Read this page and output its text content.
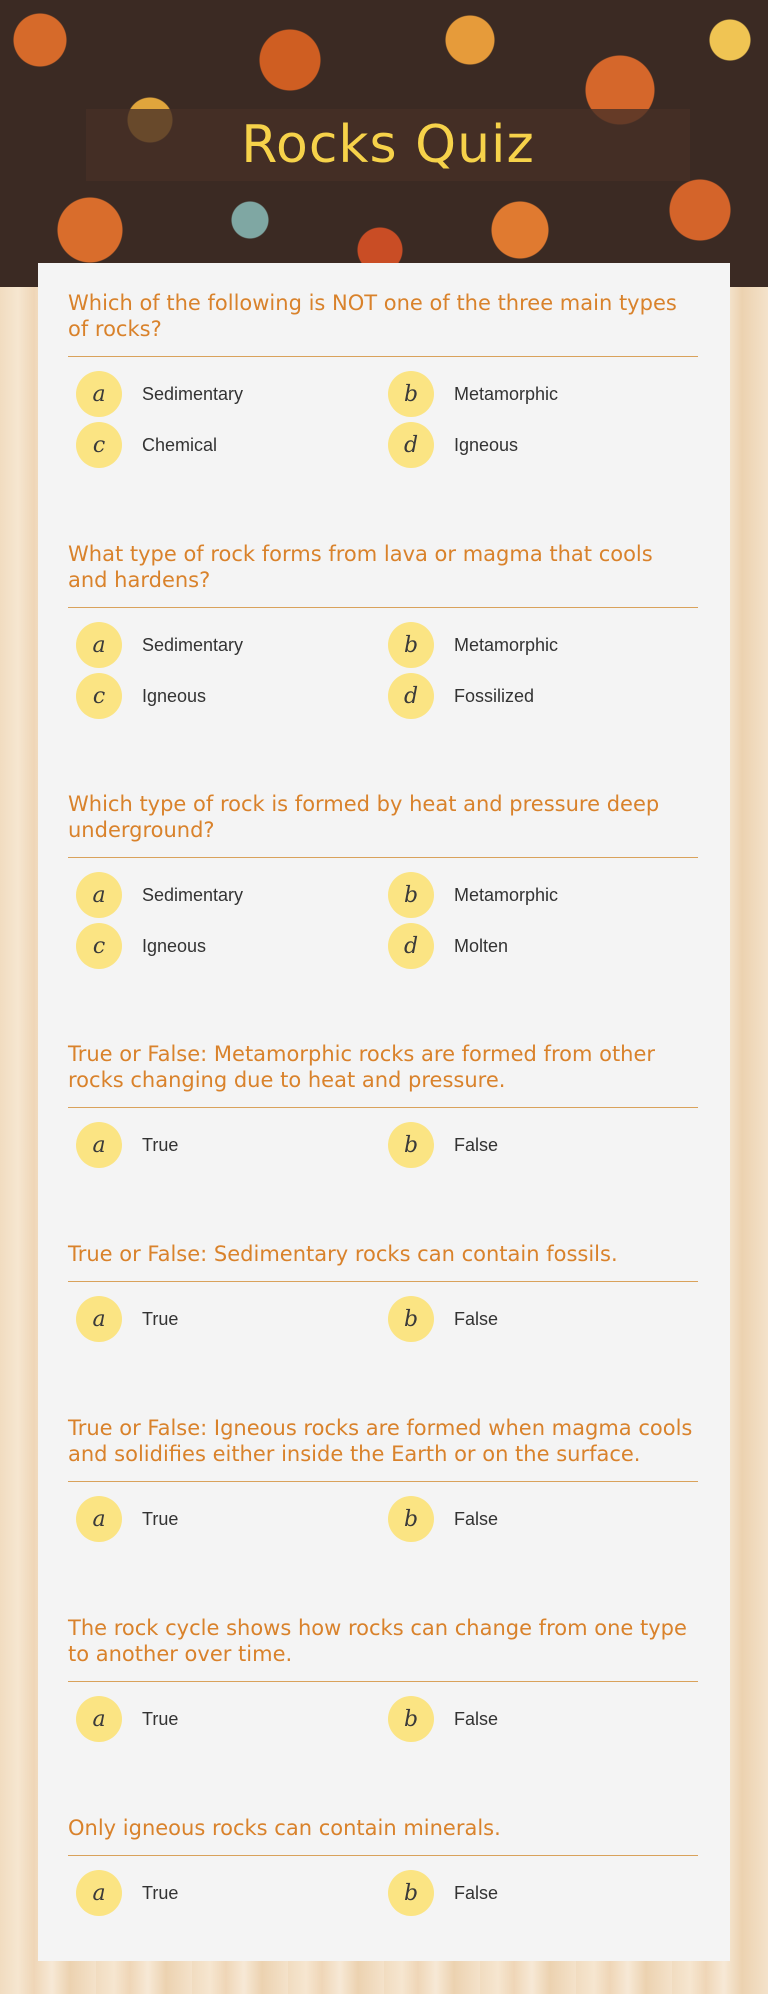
Rocks Quiz
Which of the following is NOT one of the three main types of rocks?
a	Sedimentary	b	Metamorphic
c	Chemical	d	Igneous
What type of rock forms from lava or magma that cools and hardens?
a	Sedimentary	b	Metamorphic
c	Igneous	d	Fossilized
Which type of rock is formed by heat and pressure deep underground?
a	Sedimentary	b	Metamorphic
c	Igneous	d	Molten
True or False: Metamorphic rocks are formed from other rocks changing due to heat and pressure.
a	True	b	False
True or False: Sedimentary rocks can contain fossils.
a	True	b	False
True or False: Igneous rocks are formed when magma cools and solidifies either inside the Earth or on the surface.
a	True	b	False
The rock cycle shows how rocks can change from one type to another over time.
a	True	b	False
Only igneous rocks can contain minerals.
a	True	b	False
